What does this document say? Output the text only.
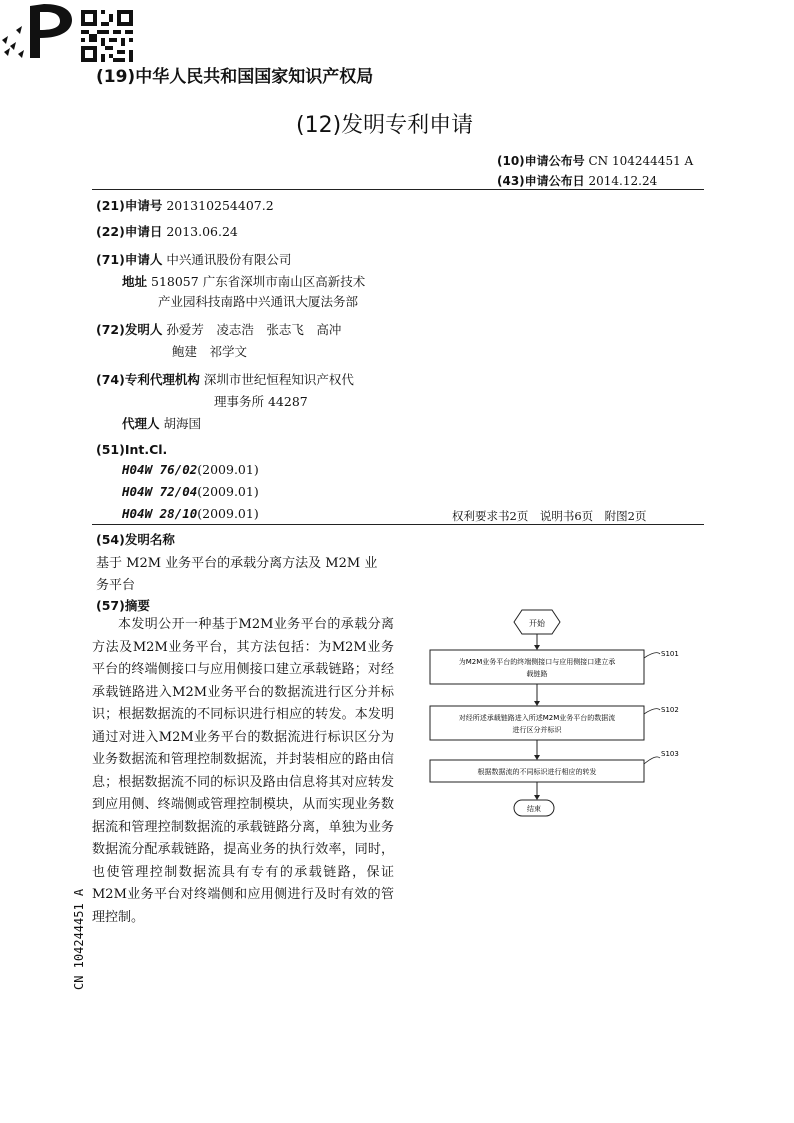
(19)中华人民共和国国家知识产权局

(12)发明专利申请
(10)申请公布号 CN 104244451 A
(43)申请公布日 2014.12.24
(21)申请号 201310254407.2
(22)申请日 2013.06.24
(71)申请人 中兴通讯股份有限公司
地址 518057 广东省深圳市南山区高新技术
产业园科技南路中兴通讯大厦法务部
(72)发明人 孙爱芳　凌志浩　张志飞　高冲
鲍建　祁学文
(74)专利代理机构 深圳市世纪恒程知识产权代
理事务所 44287
代理人 胡海国
(51)Int.Cl.
H04W 76/02(2009.01)
H04W 72/04(2009.01)
H04W 28/10(2009.01)	权利要求书2页　说明书6页　附图2页
(54)发明名称
基于 M2M 业务平台的承载分离方法及 M2M 业
务平台
(57)摘要
本发明公开一种基于M2M业务平台的承载分离方法及M2M业务平台，其方法包括：为M2M业务平台的终端侧接口与应用侧接口建立承载链路；对经承载链路进入M2M业务平台的数据流进行区分并标识；根据数据流的不同标识进行相应的转发。本发明通过对进入M2M业务平台的数据流进行标识区分为业务数据流和管理控制数据流，并封装相应的路由信息；根据数据流不同的标识及路由信息将其对应转发到应用侧、终端侧或管理控制模块，从而实现业务数据流和管理控制数据流的承载链路分离，单独为业务数据流分配承载链路，提高业务的执行效率，同时，也使管理控制数据流具有专有的承载链路，保证M2M业务平台对终端侧和应用侧进行及时有效的管理控制。
开始
为M2M业务平台的终端侧接口与应用侧接口建立承
载链路
S101
对经所述承载链路进入所述M2M业务平台的数据流
进行区分并标识
S102
根据数据流的不同标识进行相应的转发
S103
结束
CN 104244451 A
